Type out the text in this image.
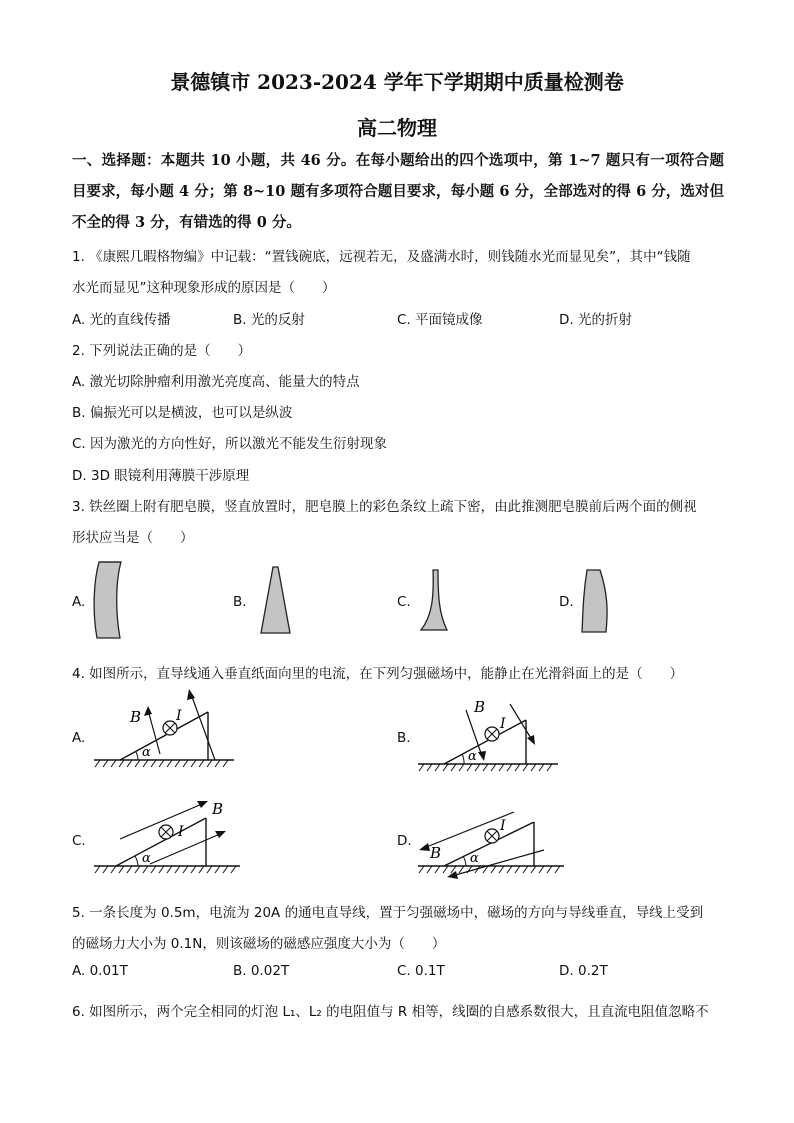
景德镇市 2023-2024 学年下学期期中质量检测卷
高二物理
一、选择题：本题共 10 小题，共 46 分。在每小题给出的四个选项中，第 1~7 题只有一项符合题目要求，每小题 4 分；第 8~10 题有多项符合题目要求，每小题 6 分，全部选对的得 6 分，选对但不全的得 3 分，有错选的得 0 分。
1. 《康熙几暇格物编》中记载：“置钱碗底，远视若无，及盛满水时，则钱随水光而显见矣”，其中“钱随
水光而显见”这种现象形成的原因是（　　）
A. 光的直线传播	B. 光的反射	C. 平面镜成像	D. 光的折射
2. 下列说法正确的是（　　）
A. 激光切除肿瘤利用激光亮度高、能量大的特点
B. 偏振光可以是横波，也可以是纵波
C. 因为激光的方向性好，所以激光不能发生衍射现象
D. 3D 眼镜利用薄膜干涉原理
3. 铁丝圈上附有肥皂膜，竖直放置时，肥皂膜上的彩色条纹上疏下密，由此推测肥皂膜前后两个面的侧视
形状应当是（　　）
A.	B.	C.	D.
4. 如图所示，直导线通入垂直纸面向里的电流，在下列匀强磁场中，能静止在光滑斜面上的是（　　）
A.	B.
C.	D.
α
I
B
α
I
B
α
I
B
α
I
B
5. 一条长度为 0.5m，电流为 20A 的通电直导线，置于匀强磁场中，磁场的方向与导线垂直，导线上受到
的磁场力大小为 0.1N，则该磁场的磁感应强度大小为（　　）
A. 0.01T	B. 0.02T	C. 0.1T	D. 0.2T
6. 如图所示，两个完全相同的灯泡 L₁、L₂ 的电阻值与 R 相等，线圈的自感系数很大，且直流电阻值忽略不
